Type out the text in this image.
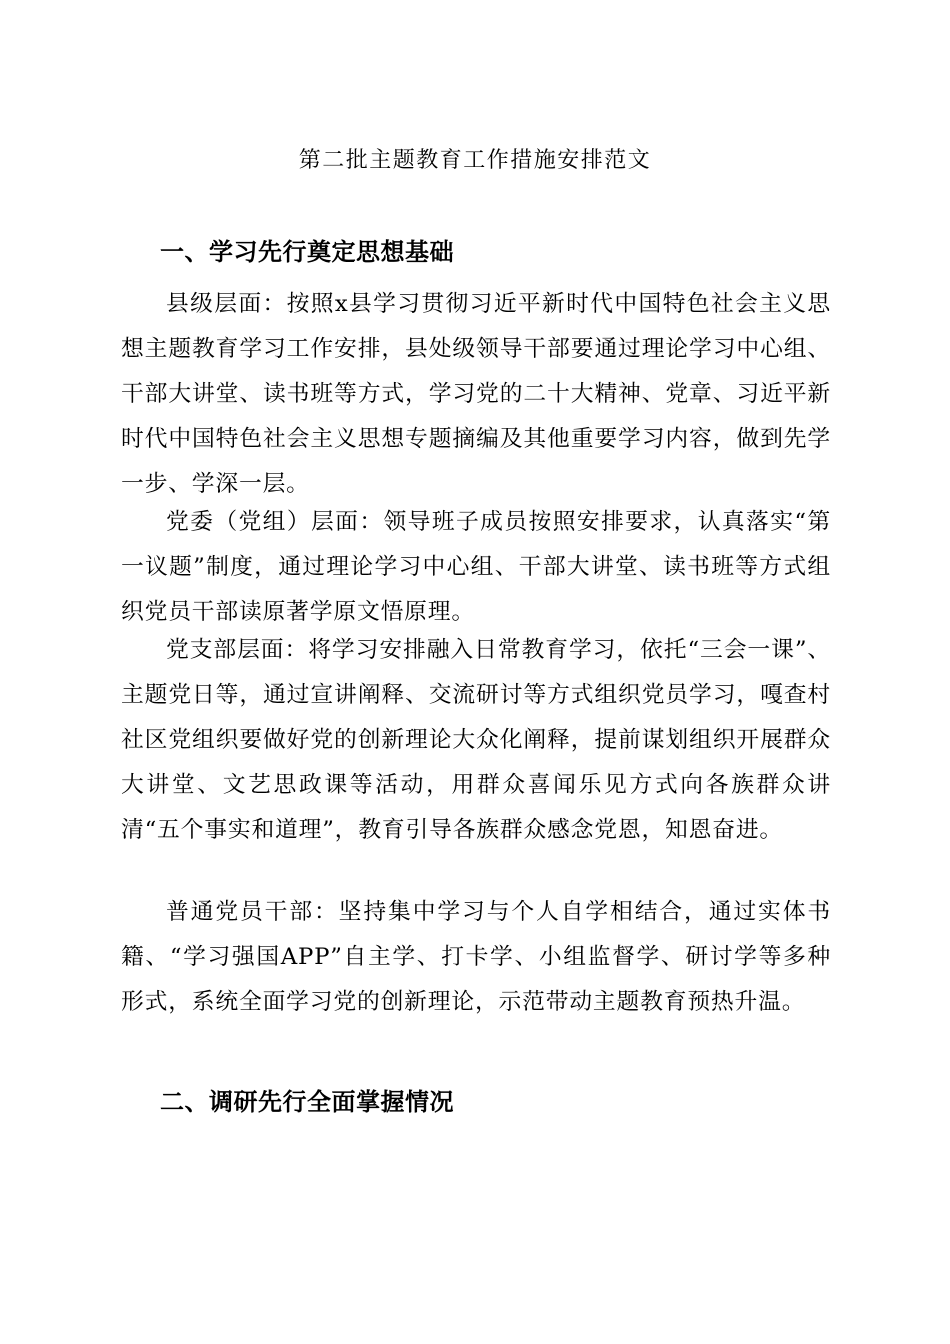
第二批主题教育工作措施安排范文
一、学习先行奠定思想基础

县级层面：按照x县学习贯彻习近平新时代中国特色社会主义思想主题教育学习工作安排，县处级领导干部要通过理论学习中心组、干部大讲堂、读书班等方式，学习党的二十大精神、党章、习近平新时代中国特色社会主义思想专题摘编及其他重要学习内容，做到先学一步、学深一层。

党委（党组）层面：领导班子成员按照安排要求，认真落实“第一议题”制度，通过理论学习中心组、干部大讲堂、读书班等方式组织党员干部读原著学原文悟原理。

党支部层面：将学习安排融入日常教育学习，依托“三会一课”、主题党日等，通过宣讲阐释、交流研讨等方式组织党员学习，嘎查村社区党组织要做好党的创新理论大众化阐释，提前谋划组织开展群众大讲堂、文艺思政课等活动，用群众喜闻乐见方式向各族群众讲清“五个事实和道理”，教育引导各族群众感念党恩，知恩奋进。

普通党员干部：坚持集中学习与个人自学相结合，通过实体书籍、“学习强国APP”自主学、打卡学、小组监督学、研讨学等多种形式，系统全面学习党的创新理论，示范带动主题教育预热升温。

二、调研先行全面掌握情况
